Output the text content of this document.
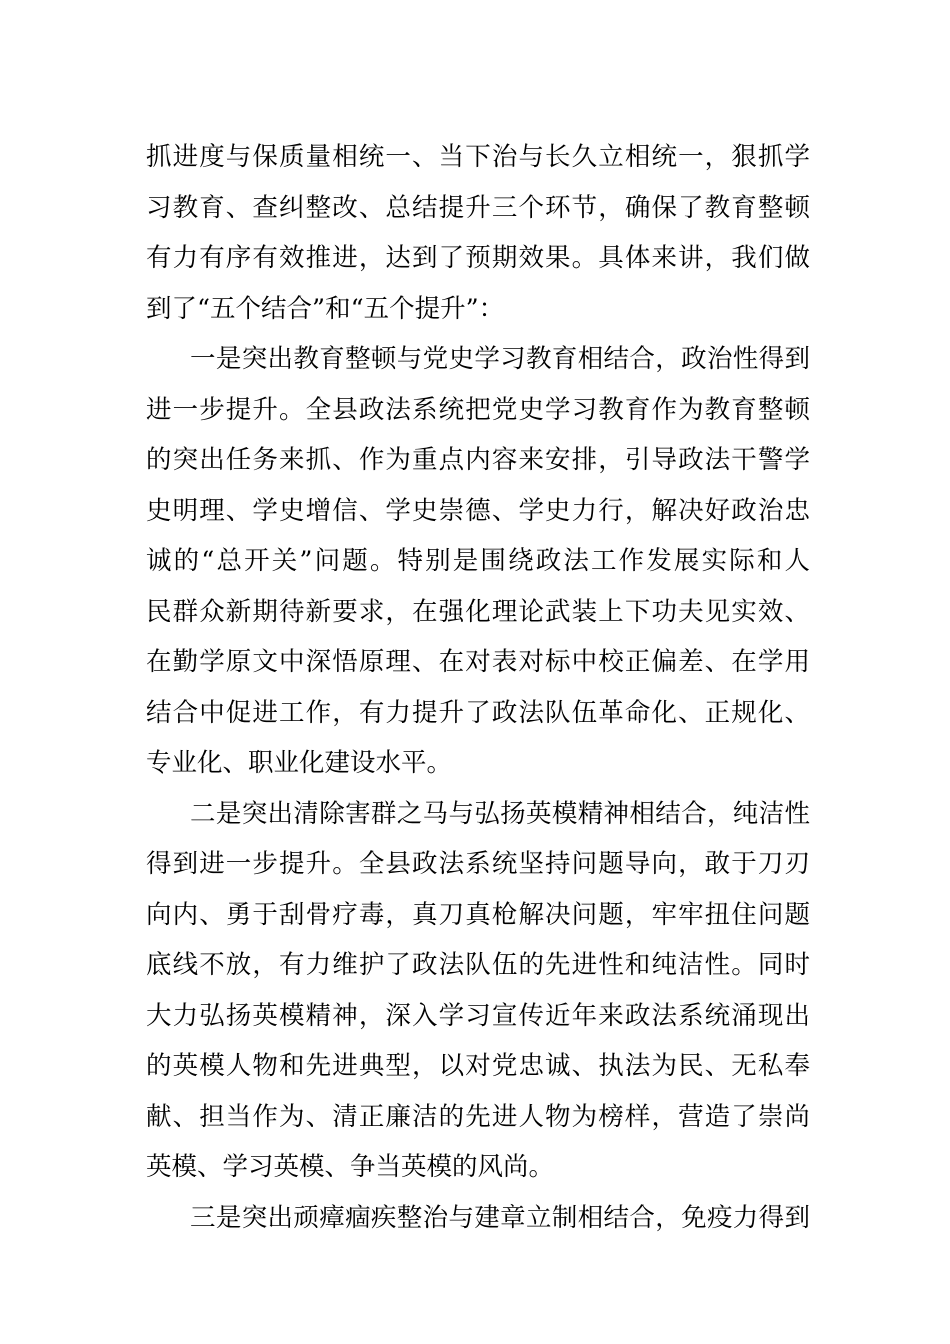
抓进度与保质量相统一、当下治与长久立相统一，狠抓学
习教育、查纠整改、总结提升三个环节，确保了教育整顿
有力有序有效推进，达到了预期效果。具体来讲，我们做
到了“五个结合”和“五个提升”：
一是突出教育整顿与党史学习教育相结合，政治性得到
进一步提升。全县政法系统把党史学习教育作为教育整顿
的突出任务来抓、作为重点内容来安排，引导政法干警学
史明理、学史增信、学史崇德、学史力行，解决好政治忠
诚的“总开关”问题。特别是围绕政法工作发展实际和人
民群众新期待新要求，在强化理论武装上下功夫见实效、
在勤学原文中深悟原理、在对表对标中校正偏差、在学用
结合中促进工作，有力提升了政法队伍革命化、正规化、
专业化、职业化建设水平。
二是突出清除害群之马与弘扬英模精神相结合，纯洁性
得到进一步提升。全县政法系统坚持问题导向，敢于刀刃
向内、勇于刮骨疗毒，真刀真枪解决问题，牢牢扭住问题
底线不放，有力维护了政法队伍的先进性和纯洁性。同时
大力弘扬英模精神，深入学习宣传近年来政法系统涌现出
的英模人物和先进典型，以对党忠诚、执法为民、无私奉
献、担当作为、清正廉洁的先进人物为榜样，营造了崇尚
英模、学习英模、争当英模的风尚。
三是突出顽瘴痼疾整治与建章立制相结合，免疫力得到
